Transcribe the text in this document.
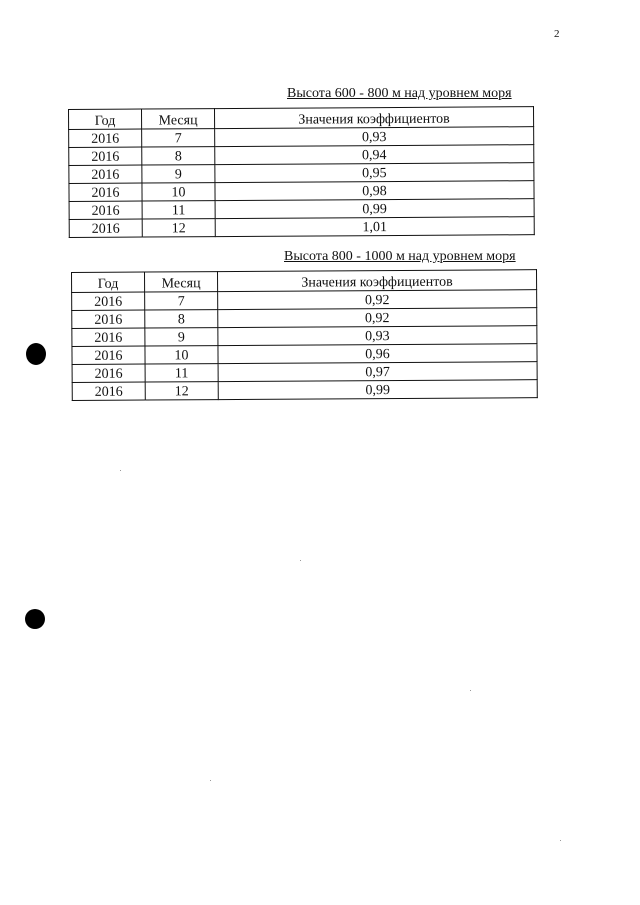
2
Высота 600 - 800 м над уровнем моря
Год	Месяц	Значения коэффициентов
2016	7	0,93
2016	8	0,94
2016	9	0,95
2016	10	0,98
2016	11	0,99
2016	12	1,01
Высота 800 - 1000 м над уровнем моря
Год	Месяц	Значения коэффициентов
2016	7	0,92
2016	8	0,92
2016	9	0,93
2016	10	0,96
2016	11	0,97
2016	12	0,99
